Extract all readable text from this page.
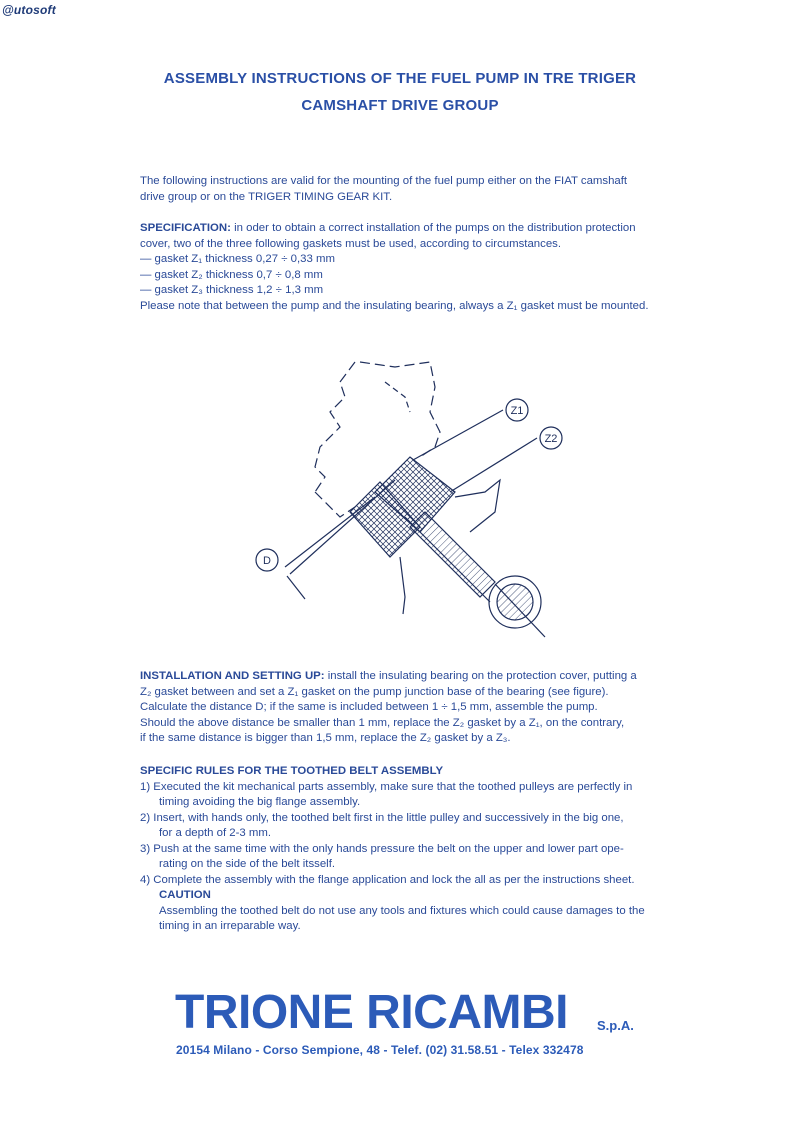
@utosoft
ASSEMBLY INSTRUCTIONS OF THE FUEL PUMP IN TRE TRIGER
CAMSHAFT DRIVE GROUP
The following instructions are valid for the mounting of the fuel pump either on the FIAT camshaft
drive group or on the TRIGER TIMING GEAR KIT.
SPECIFICATION: in oder to obtain a correct installation of the pumps on the distribution protection
cover, two of the three following gaskets must be used, according to circumstances.
— gasket Z₁ thickness 0,27 ÷ 0,33 mm
— gasket Z₂ thickness 0,7 ÷ 0,8 mm
— gasket Z₃ thickness 1,2 ÷ 1,3 mm
Please note that between the pump and the insulating bearing, always a Z₁ gasket must be mounted.
Z1
Z2
D
INSTALLATION AND SETTING UP: install the insulating bearing on the protection cover, putting a
Z₂ gasket between and set a Z₁ gasket on the pump junction base of the bearing (see figure).
Calculate the distance D; if the same is included between 1 ÷ 1,5 mm, assemble the pump.
Should the above distance be smaller than 1 mm, replace the Z₂ gasket by a Z₁, on the contrary,
if the same distance is bigger than 1,5 mm, replace the Z₂ gasket by a Z₃.
SPECIFIC RULES FOR THE TOOTHED BELT ASSEMBLY
1) Executed the kit mechanical parts assembly, make sure that the toothed pulleys are perfectly in
timing avoiding the big flange assembly.
2) Insert, with hands only, the toothed belt first in the little pulley and successively in the big one,
for a depth of 2-3 mm.
3) Push at the same time with the only hands pressure the belt on the upper and lower part ope-
rating on the side of the belt itsself.
4) Complete the assembly with the flange application and lock the all as per the instructions sheet.
CAUTION
Assembling the toothed belt do not use any tools and fixtures which could cause damages to the
timing in an irreparable way.
TRIONE RICAMBI S.p.A.
20154 Milano - Corso Sempione, 48 - Telef. (02) 31.58.51 - Telex 332478
